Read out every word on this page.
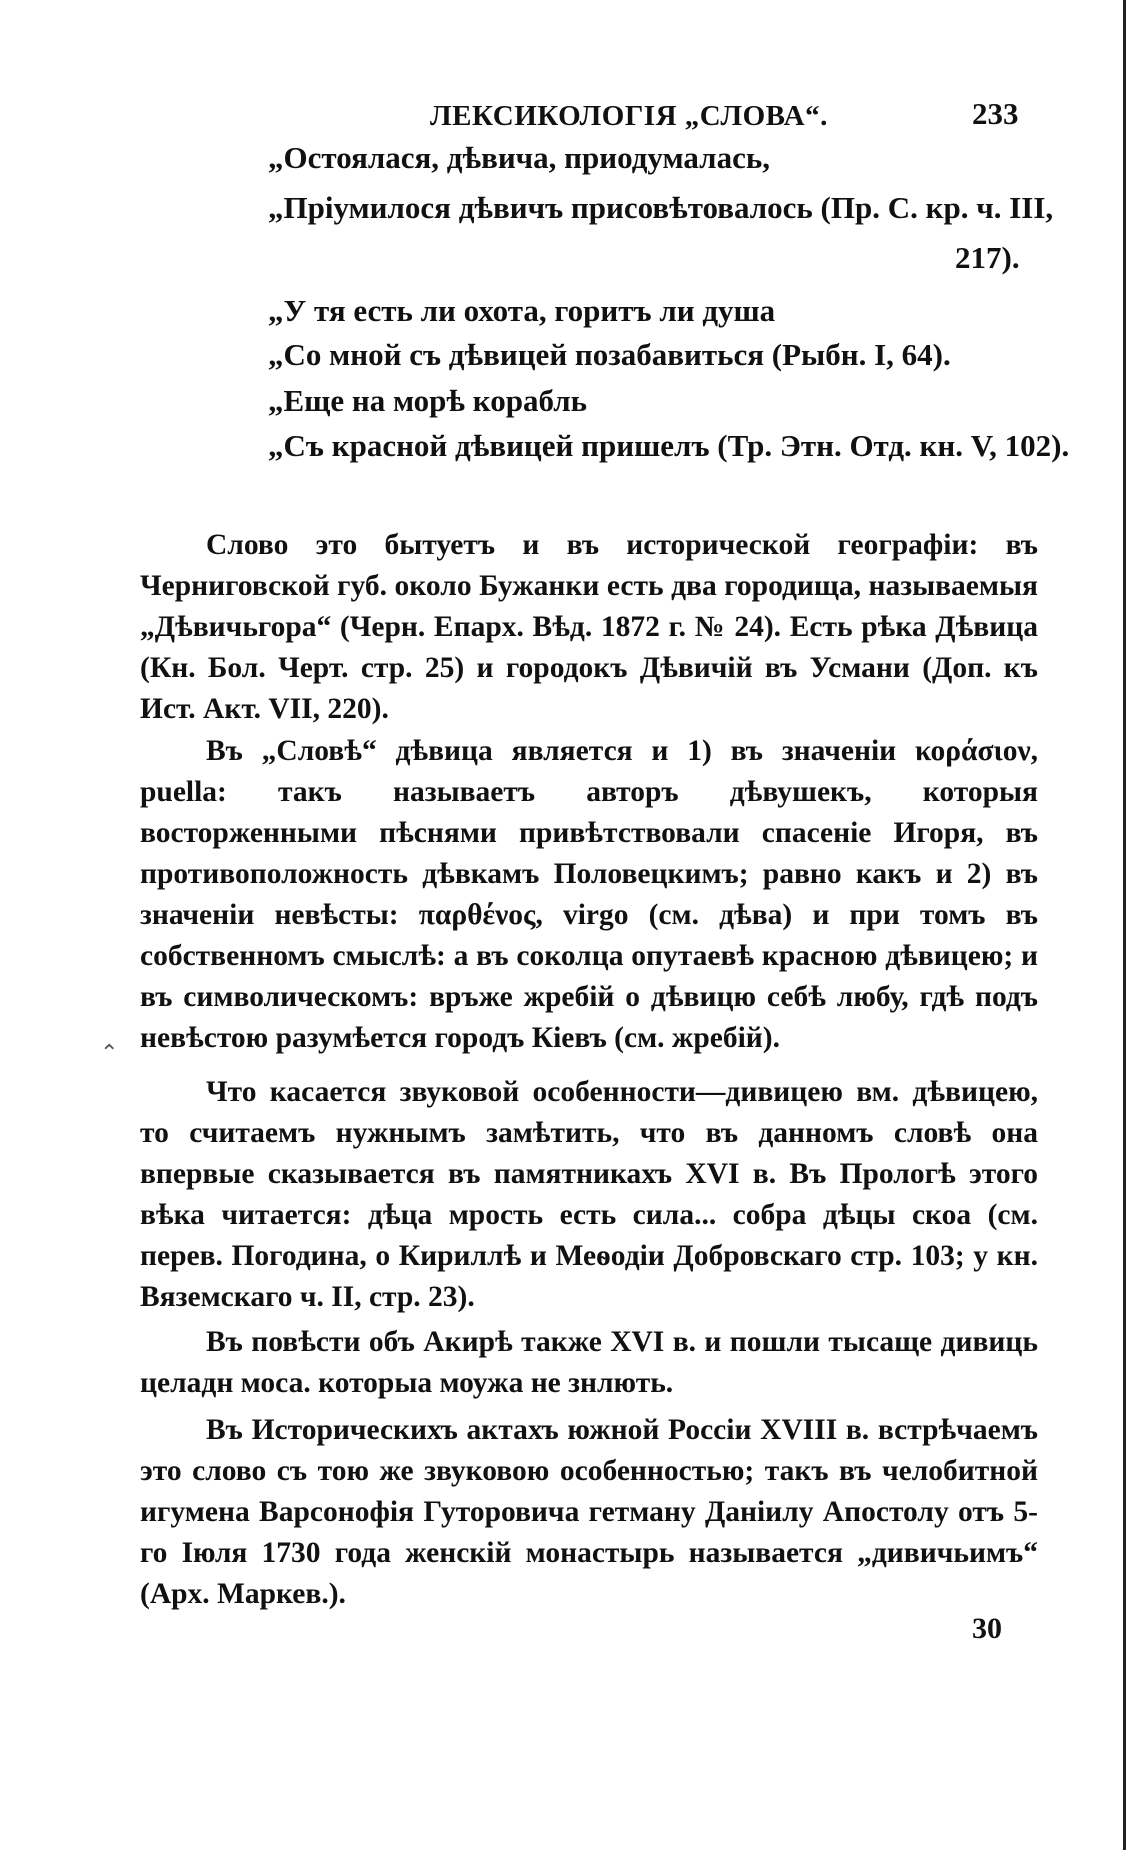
ЛЕКСИКОЛОГІЯ „СЛОВА“.	233
„Остоялася, дѣвича, приодумалась,
„Пріумилося дѣвичъ присовѣтовалось (Пр. С. кр. ч. III,
217).
„У тя есть ли охота, горитъ ли душа
„Со мной съ дѣвицей позабавиться (Рыбн. I, 64).
„Еще на морѣ корабль
„Съ красной дѣвицей пришелъ (Тр. Этн. Отд. кн. V, 102).

Слово это бытуетъ и въ исторической географіи: въ Черниговской губ. около Бужанки есть два городища, называемыя „Дѣвичьгора“ (Черн. Епарх. Вѣд. 1872 г. № 24). Есть рѣка Дѣвица (Кн. Бол. Черт. стр. 25) и городокъ Дѣвичій въ Усмани (Доп. къ Ист. Акт. VII, 220).

Въ „Словѣ“ дѣвица является и 1) въ значеніи κοράσιον, puella: такъ называетъ авторъ дѣвушекъ, которыя восторженными пѣснями привѣтствовали спасеніе Игоря, въ противоположность дѣвкамъ Половецкимъ; равно какъ и 2) въ значеніи невѣсты: παρθένος, virgo (см. дѣва) и при томъ въ собственномъ смыслѣ: а въ соколца опутаевѣ красною дѣвицею; и въ символическомъ: връже жребій о дѣвицю себѣ любу, гдѣ подъ невѣстою разумѣется городъ Кіевъ (см. жребій).

Что касается звуковой особенности—дивицею вм. дѣвицею, то считаемъ нужнымъ замѣтить, что въ данномъ словѣ она впервые сказывается въ памятникахъ XVI в. Въ Прологѣ этого вѣка читается: дѣца мрость есть сила... собра дѣцы скоа (см. перев. Погодина, о Кириллѣ и Меѳодіи Добровскаго стр. 103; у кн. Вяземскаго ч. II, стр. 23).

Въ повѣсти объ Акирѣ также XVI в. и пошли тысаще дивиць целадн моса. которыа моужа не знлють.

Въ Историческихъ актахъ южной Россіи XVIII в. встрѣчаемъ это слово съ тою же звуковою особенностью; такъ въ челобитной игумена Варсонофія Гуторовича гетману Даніилу Апостолу отъ 5-го Іюля 1730 года женскій монастырь называется „дивичьимъ“ (Арх. Маркев.).

30
⌃
